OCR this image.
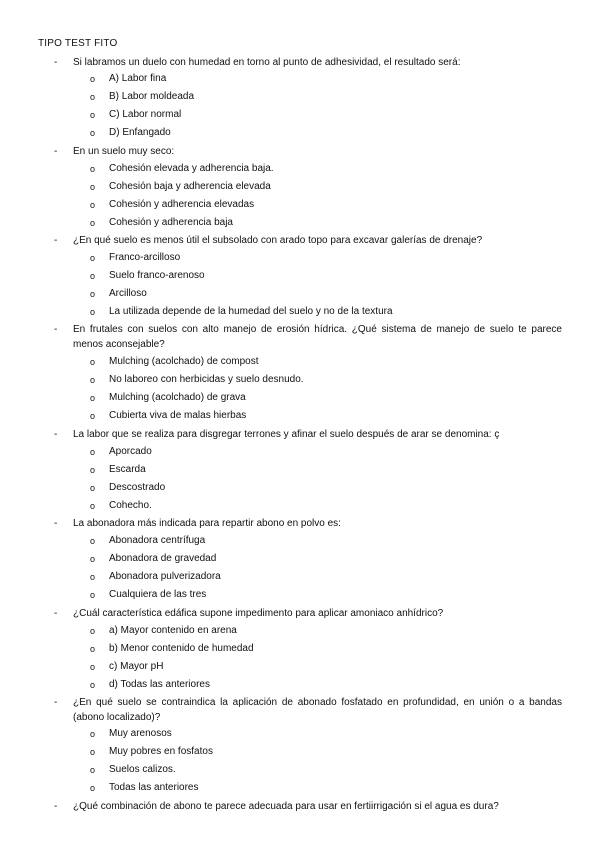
TIPO TEST FITO
- Si labramos un duelo con humedad en torno al punto de adhesividad, el resultado será:
o A) Labor fina
o B) Labor moldeada
o C) Labor normal
o D) Enfangado
- En un suelo muy seco:
o Cohesión elevada y adherencia baja.
o Cohesión baja y adherencia elevada
o Cohesión y adherencia elevadas
o Cohesión y adherencia baja
- ¿En qué suelo es menos útil el subsolado con arado topo para excavar galerías de drenaje?
o Franco-arcilloso
o Suelo franco-arenoso
o Arcilloso
o La utilizada depende de la humedad del suelo y no de la textura
- En frutales con suelos con alto manejo de erosión hídrica. ¿Qué sistema de manejo de suelo te parece menos aconsejable?
o Mulching (acolchado) de compost
o No laboreo con herbicidas y suelo desnudo.
o Mulching (acolchado) de grava
o Cubierta viva de malas hierbas
- La labor que se realiza para disgregar terrones y afinar el suelo después de arar se denomina: ç
o Aporcado
o Escarda
o Descostrado
o Cohecho.
- La abonadora más indicada para repartir abono en polvo es:
o Abonadora centrífuga
o Abonadora de gravedad
o Abonadora pulverizadora
o Cualquiera de las tres
- ¿Cuál característica edáfica supone impedimento para aplicar amoniaco anhídrico?
o a) Mayor contenido en arena
o b) Menor contenido de humedad
o c) Mayor pH
o d) Todas las anteriores
- ¿En qué suelo se contraindica la aplicación de abonado fosfatado en profundidad, en unión o a bandas (abono localizado)?
o Muy arenosos
o Muy pobres en fosfatos
o Suelos calizos.
o Todas las anteriores
- ¿Qué combinación de abono te parece adecuada para usar en fertiirrigación si el agua es dura?
